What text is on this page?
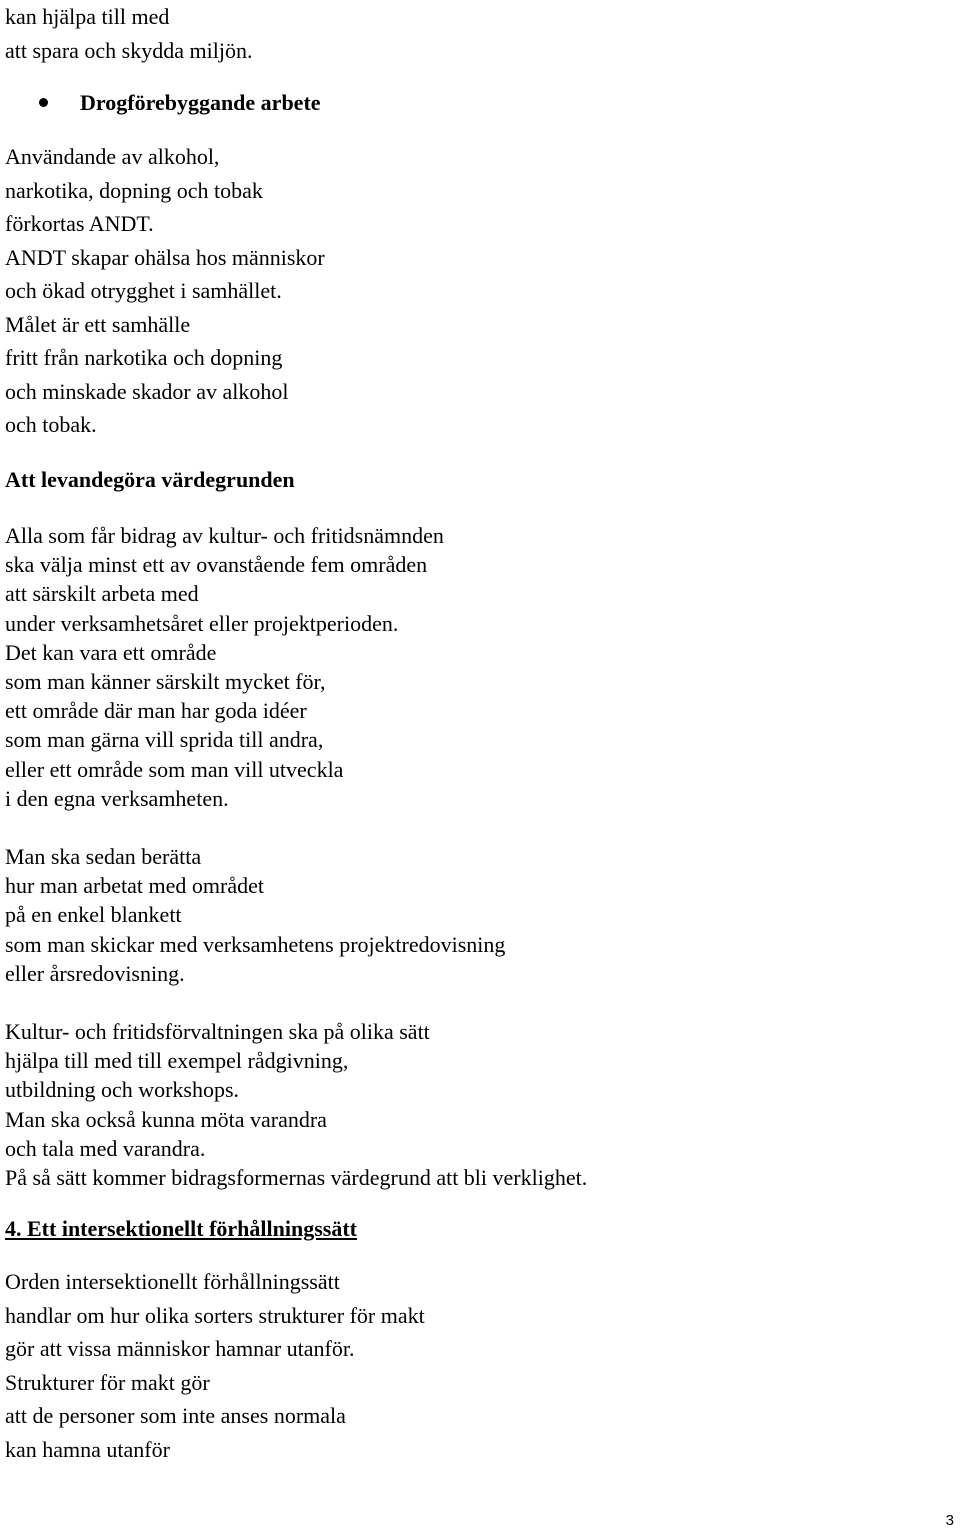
kan hjälpa till med
att spara och skydda miljön.
Drogförebyggande arbete
Användande av alkohol,
narkotika, dopning och tobak
förkortas ANDT.
ANDT skapar ohälsa hos människor
och ökad otrygghet i samhället.
Målet är ett samhälle
fritt från narkotika och dopning
och minskade skador av alkohol
och tobak.
Att levandegöra värdegrunden
Alla som får bidrag av kultur- och fritidsnämnden
ska välja minst ett av ovanstående fem områden
att särskilt arbeta med
under verksamhetsåret eller projektperioden.
Det kan vara ett område
som man känner särskilt mycket för,
ett område där man har goda idéer
som man gärna vill sprida till andra,
eller ett område som man vill utveckla
i den egna verksamheten.
Man ska sedan berätta
hur man arbetat med området
på en enkel blankett
som man skickar med verksamhetens projektredovisning
eller årsredovisning.
Kultur- och fritidsförvaltningen ska på olika sätt
hjälpa till med till exempel rådgivning,
utbildning och workshops.
Man ska också kunna möta varandra
och tala med varandra.
På så sätt kommer bidragsformernas värdegrund att bli verklighet.
4. Ett intersektionellt förhållningssätt
Orden intersektionellt förhållningssätt
handlar om hur olika sorters strukturer för makt
gör att vissa människor hamnar utanför.
Strukturer för makt gör
att de personer som inte anses normala
kan hamna utanför
3
